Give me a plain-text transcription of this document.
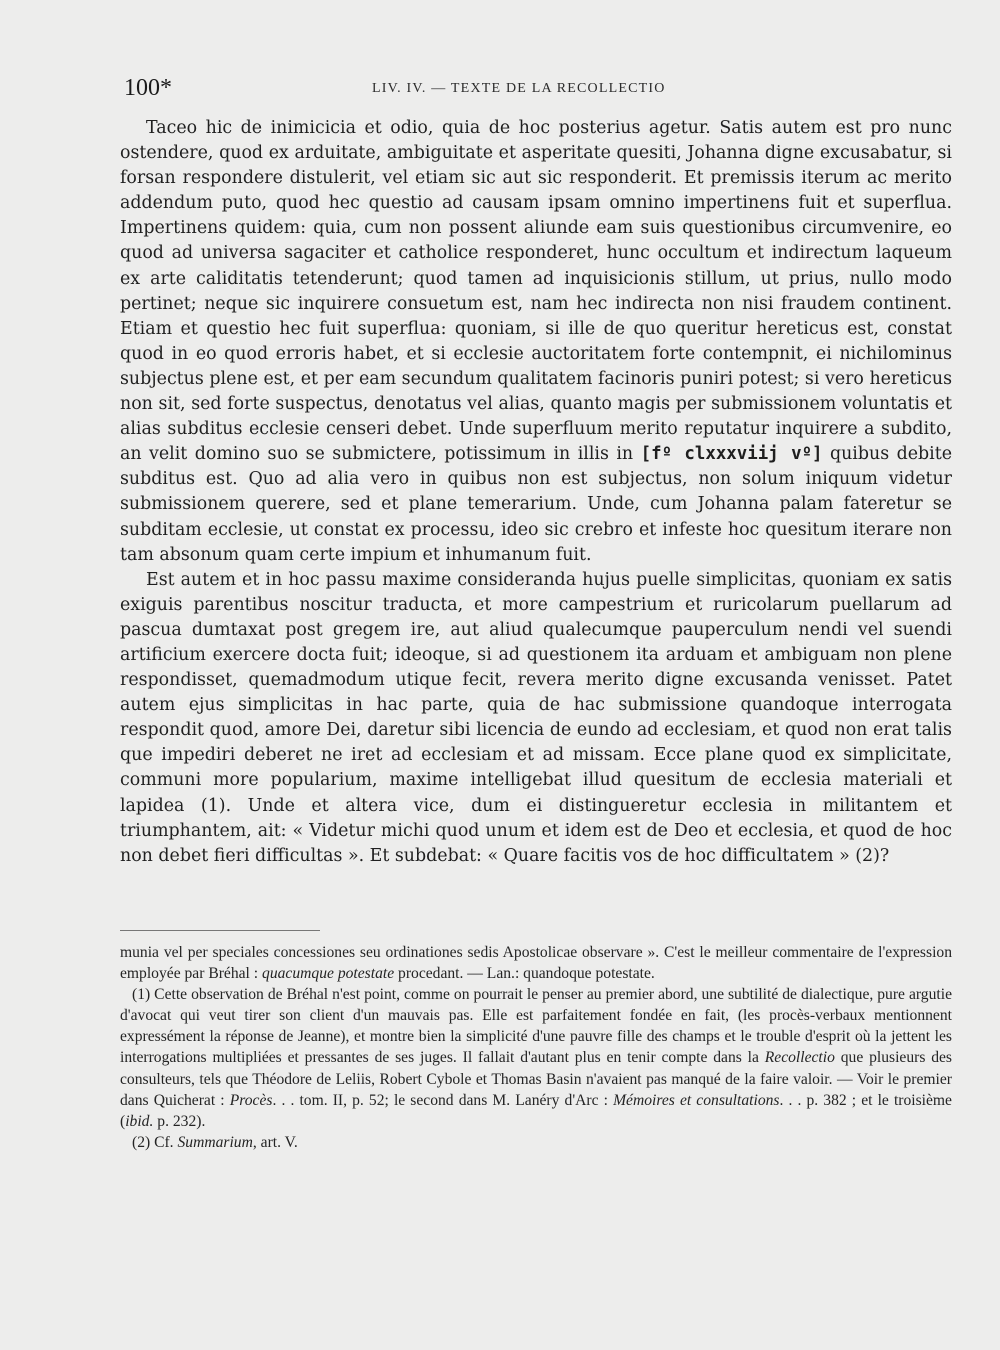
100*	LIV. IV. — TEXTE DE LA RECOLLECTIO

Taceo hic de inimicicia et odio, quia de hoc posterius agetur. Satis autem est pro nunc ostendere, quod ex arduitate, ambiguitate et asperitate quesiti, Johanna digne excusabatur, si forsan respondere distulerit, vel etiam sic aut sic responderit. Et premissis iterum ac merito addendum puto, quod hec questio ad causam ipsam omnino impertinens fuit et superflua. Impertinens quidem: quia, cum non possent aliunde eam suis questionibus circumvenire, eo quod ad universa sagaciter et catholice responderet, hunc occultum et indirectum laqueum ex arte caliditatis tetenderunt; quod tamen ad inquisicionis stillum, ut prius, nullo modo pertinet; neque sic inquirere consuetum est, nam hec indirecta non nisi fraudem continent. Etiam et questio hec fuit superflua: quoniam, si ille de quo queritur hereticus est, constat quod in eo quod erroris habet, et si ecclesie auctoritatem forte contempnit, ei nichilominus subjectus plene est, et per eam secundum qualitatem facinoris puniri potest; si vero hereticus non sit, sed forte suspectus, denotatus vel alias, quanto magis per submissionem voluntatis et alias subditus ecclesie censeri debet. Unde superfluum merito reputatur inquirere a subdito, an velit domino suo se submictere, potissimum in illis in [fº clxxxviij vº] quibus debite subditus est. Quo ad alia vero in quibus non est subjectus, non solum iniquum videtur submissionem querere, sed et plane temerarium. Unde, cum Johanna palam fateretur se subditam ecclesie, ut constat ex processu, ideo sic crebro et infeste hoc quesitum iterare non tam absonum quam certe impium et inhumanum fuit.

Est autem et in hoc passu maxime consideranda hujus puelle simplicitas, quoniam ex satis exiguis parentibus noscitur traducta, et more campestrium et ruricolarum puellarum ad pascua dumtaxat post gregem ire, aut aliud qualecumque pauperculum nendi vel suendi artificium exercere docta fuit; ideoque, si ad questionem ita arduam et ambiguam non plene respondisset, quemadmodum utique fecit, revera merito digne excusanda venisset. Patet autem ejus simplicitas in hac parte, quia de hac submissione quandoque interrogata respondit quod, amore Dei, daretur sibi licencia de eundo ad ecclesiam, et quod non erat talis que impediri deberet ne iret ad ecclesiam et ad missam. Ecce plane quod ex simplicitate, communi more popularium, maxime intelligebat illud quesitum de ecclesia materiali et lapidea (1). Unde et altera vice, dum ei distingueretur ecclesia in militantem et triumphantem, ait: « Videtur michi quod unum et idem est de Deo et ecclesia, et quod de hoc non debet fieri difficultas ». Et subdebat: « Quare facitis vos de hoc difficultatem » (2)?

munia vel per speciales concessiones seu ordinationes sedis Apostolicae observare ». C'est le meilleur commentaire de l'expression employée par Bréhal : quacumque potestate procedant. — Lan.: quandoque potestate.

(1) Cette observation de Bréhal n'est point, comme on pourrait le penser au premier abord, une subtilité de dialectique, pure argutie d'avocat qui veut tirer son client d'un mauvais pas. Elle est parfaitement fondée en fait, (les procès-verbaux mentionnent expressément la réponse de Jeanne), et montre bien la simplicité d'une pauvre fille des champs et le trouble d'esprit où la jettent les interrogations multipliées et pressantes de ses juges. Il fallait d'autant plus en tenir compte dans la Recollectio que plusieurs des consulteurs, tels que Théodore de Leliis, Robert Cybole et Thomas Basin n'avaient pas manqué de la faire valoir. — Voir le premier dans Quicherat : Procès. . . tom. II, p. 52; le second dans M. Lanéry d'Arc : Mémoires et consultations. . . p. 382 ; et le troisième (ibid. p. 232).

(2) Cf. Summarium, art. V.
